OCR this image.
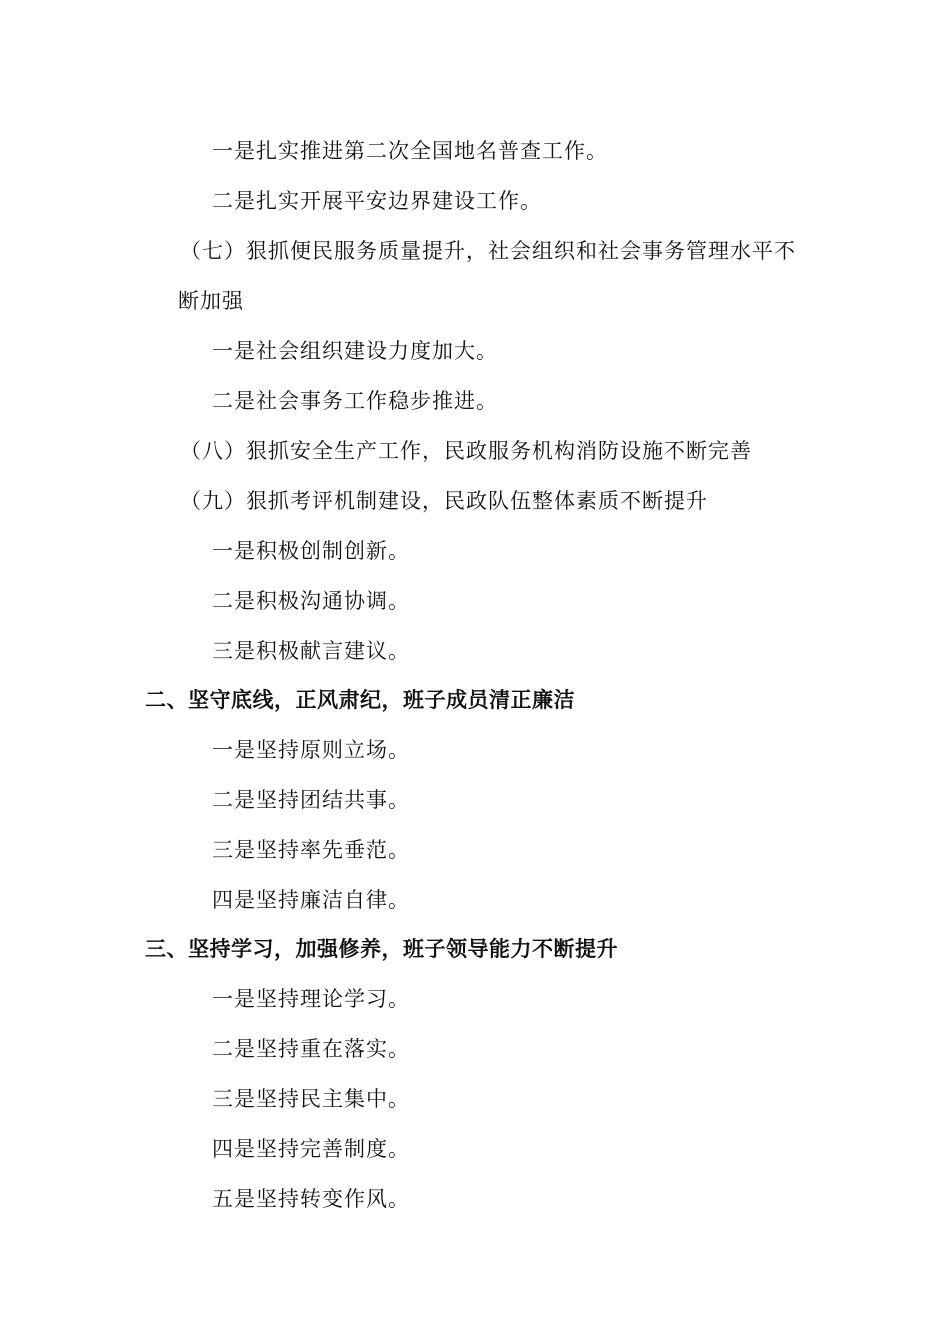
一是扎实推进第二次全国地名普查工作。
二是扎实开展平安边界建设工作。
（七）狠抓便民服务质量提升，社会组织和社会事务管理水平不
断加强
一是社会组织建设力度加大。
二是社会事务工作稳步推进。
（八）狠抓安全生产工作，民政服务机构消防设施不断完善
（九）狠抓考评机制建设，民政队伍整体素质不断提升
一是积极创制创新。
二是积极沟通协调。
三是积极献言建议。
二、坚守底线，正风肃纪，班子成员清正廉洁
一是坚持原则立场。
二是坚持团结共事。
三是坚持率先垂范。
四是坚持廉洁自律。
三、坚持学习，加强修养，班子领导能力不断提升
一是坚持理论学习。
二是坚持重在落实。
三是坚持民主集中。
四是坚持完善制度。
五是坚持转变作风。
